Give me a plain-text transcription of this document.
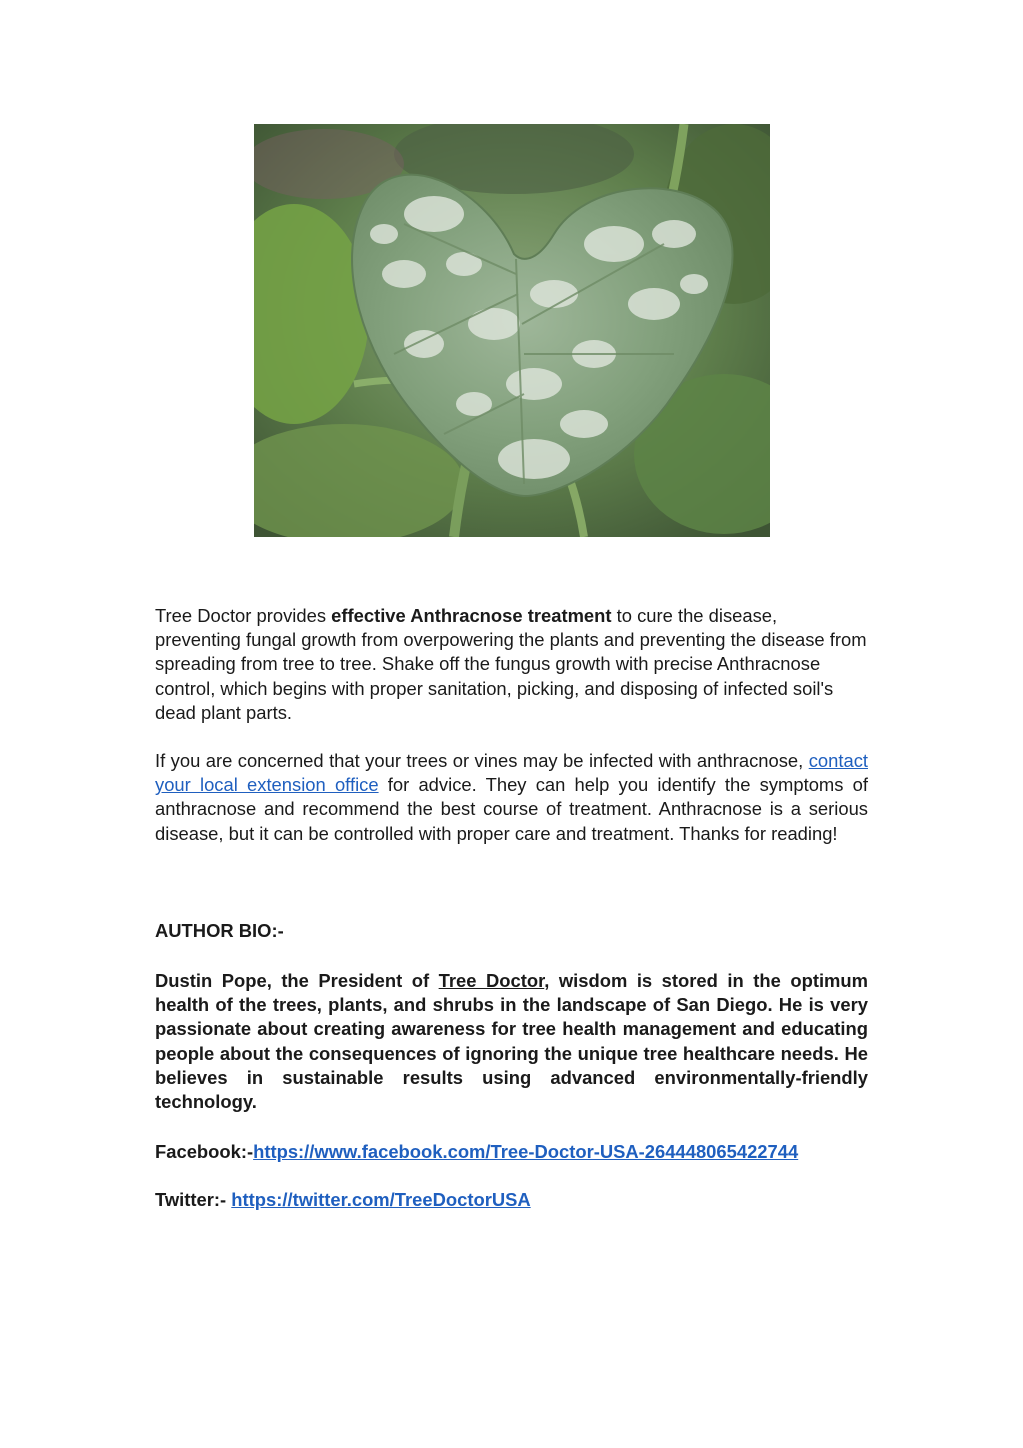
Tree Doctor provides effective Anthracnose treatment to cure the disease, preventing fungal growth from overpowering the plants and preventing the disease from spreading from tree to tree. Shake off the fungus growth with precise Anthracnose control, which begins with proper sanitation, picking, and disposing of infected soil's dead plant parts.

If you are concerned that your trees or vines may be infected with anthracnose, contact your local extension office for advice. They can help you identify the symptoms of anthracnose and recommend the best course of treatment. Anthracnose is a serious disease, but it can be controlled with proper care and treatment. Thanks for reading!

AUTHOR BIO:-

Dustin Pope, the President of Tree Doctor, wisdom is stored in the optimum health of the trees, plants, and shrubs in the landscape of San Diego. He is very passionate about creating awareness for tree health management and educating people about the consequences of ignoring the unique tree healthcare needs. He believes in sustainable results using advanced environmentally-friendly technology.

Facebook:-https://www.facebook.com/Tree-Doctor-USA-264448065422744

Twitter:- https://twitter.com/TreeDoctorUSA
